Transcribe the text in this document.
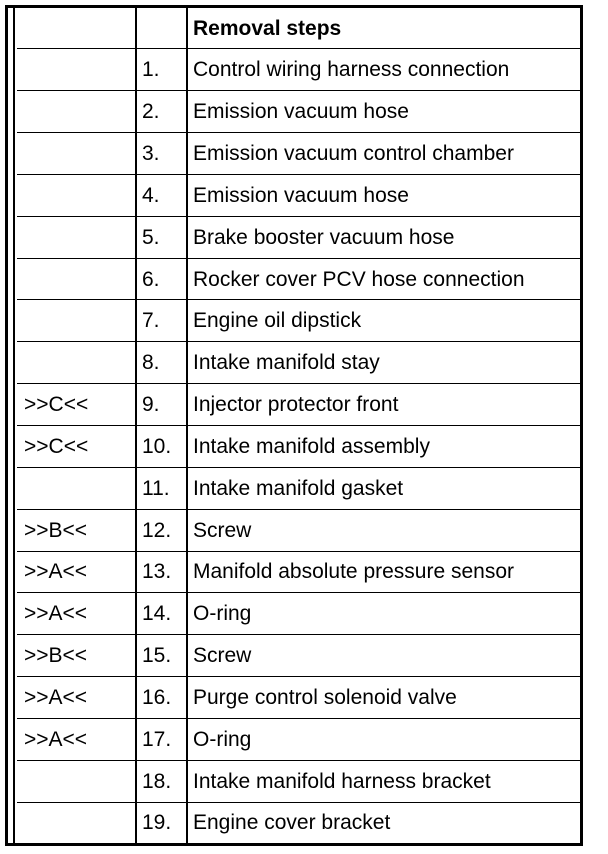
		Removal steps
	1.	Control wiring harness connection
	2.	Emission vacuum hose
	3.	Emission vacuum control chamber
	4.	Emission vacuum hose
	5.	Brake booster vacuum hose
	6.	Rocker cover PCV hose connection
	7.	Engine oil dipstick
	8.	Intake manifold stay
>>C<<	9.	Injector protector front
>>C<<	10.	Intake manifold assembly
	11.	Intake manifold gasket
>>B<<	12.	Screw
>>A<<	13.	Manifold absolute pressure sensor
>>A<<	14.	O-ring
>>B<<	15.	Screw
>>A<<	16.	Purge control solenoid valve
>>A<<	17.	O-ring
	18.	Intake manifold harness bracket
	19.	Engine cover bracket
